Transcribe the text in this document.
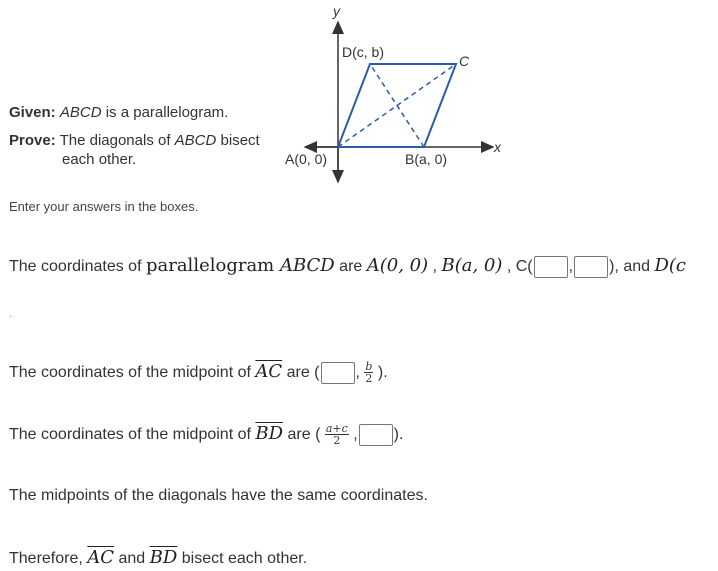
y
x
D(c, b)
C
A(0, 0)	B(a, 0)
Given: ABCD is a parallelogram.
Prove: The diagonals of ABCD bisect
each other.
Enter your answers in the boxes.
The coordinates of parallelogram ABCD are A(0, 0) , B(a, 0) , C( , ), and D(c
.
The coordinates of the midpoint of $\overline{AC}$ are ( , $\frac{b}{2}$ ).
The coordinates of the midpoint of $\overline{BD}$ are ( $\frac{a+c}{2}$ , ).
The midpoints of the diagonals have the same coordinates.
Therefore, $\overline{AC}$ and $\overline{BD}$ bisect each other.
